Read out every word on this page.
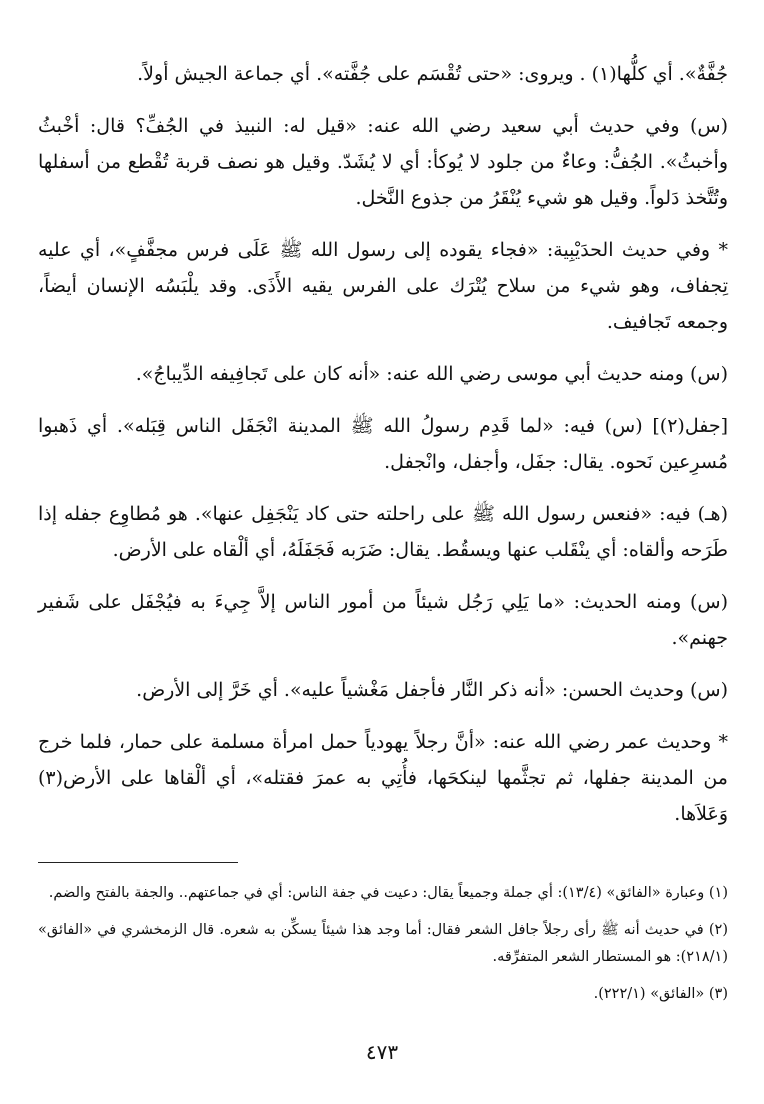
جُفَّةٌ». أي كلُّها(١) . ويروى: «حتى تُقْسَم على جُفَّته». أي جماعة الجيش أولاً.

(س) وفي حديث أبي سعيد رضي الله عنه: «قيل له: النبيذ في الجُفِّ؟ قال: أخْبثُ وأخبثُ». الجُفُّ: وعاءٌ من جلود لا يُوكأ: أي لا يُشَدّ. وقيل هو نصف قربة تُقْطع من أسفلها وتُتَّخذ دَلواً. وقيل هو شيء يُنْقَرُ من جذوع النَّخل.

* وفي حديث الحدَيْبِية: «فجاء يقوده إلى رسول الله ﷺ عَلَى فرس مجفَّفٍ»، أي عليه تِجفاف، وهو شيء من سلاح يُتْرَك على الفرس يقيه الأَذَى. وقد يلْبَسُه الإنسان أيضاً، وجمعه تَجافيف.

(س) ومنه حديث أبي موسى رضي الله عنه: «أنه كان على تَجافِيفه الدِّيباجُ».

[جفل(٢)] (س) فيه: «لما قَدِم رسولُ الله ﷺ المدينة انْجَفَل الناس قِبَله». أي ذَهبوا مُسرِعين نَحوه. يقال: جفَل، وأجفل، وانْجفل.

(هـ) فيه: «فنعس رسول الله ﷺ على راحلته حتى كاد يَنْجَفِل عنها». هو مُطاوِع جفله إذا طَرَحه وألقاه: أي ينْقَلب عنها ويسقُط. يقال: ضَرَبه فَجَفَلَهُ، أي ألْقاه على الأرض.

(س) ومنه الحديث: «ما يَلِي رَجُل شيئاً من أمور الناس إلاَّ جِيءَ به فيُجْفَل على شَفير جهنم».

(س) وحديث الحسن: «أنه ذكر النَّار فأجفل مَغْشياً عليه». أي خَرَّ إلى الأرض.

* وحديث عمر رضي الله عنه: «أنَّ رجلاً يهودياً حمل امرأة مسلمة على حمار، فلما خرج من المدينة جفلها، ثم تجثَّمها لينكحَها، فأُتِي به عمرَ فقتله»، أي ألْقاها على الأرض(٣) وَعَلاَها.

(١) وعبارة «الفائق» (١٣/٤): أي جملة وجميعاً يقال: دعيت في جفة الناس: أي في جماعتهم.. والجفة بالفتح والضم.

(٢) في حديث أنه ﷺ رأى رجلاً جافل الشعر فقال: أما وجد هذا شيئاً يسكِّن به شعره. قال الزمخشري في «الفائق» (٢١٨/١): هو المستطار الشعر المتفرِّقه.

(٣) «الفائق» (٢٢٢/١).

٤٧٣
